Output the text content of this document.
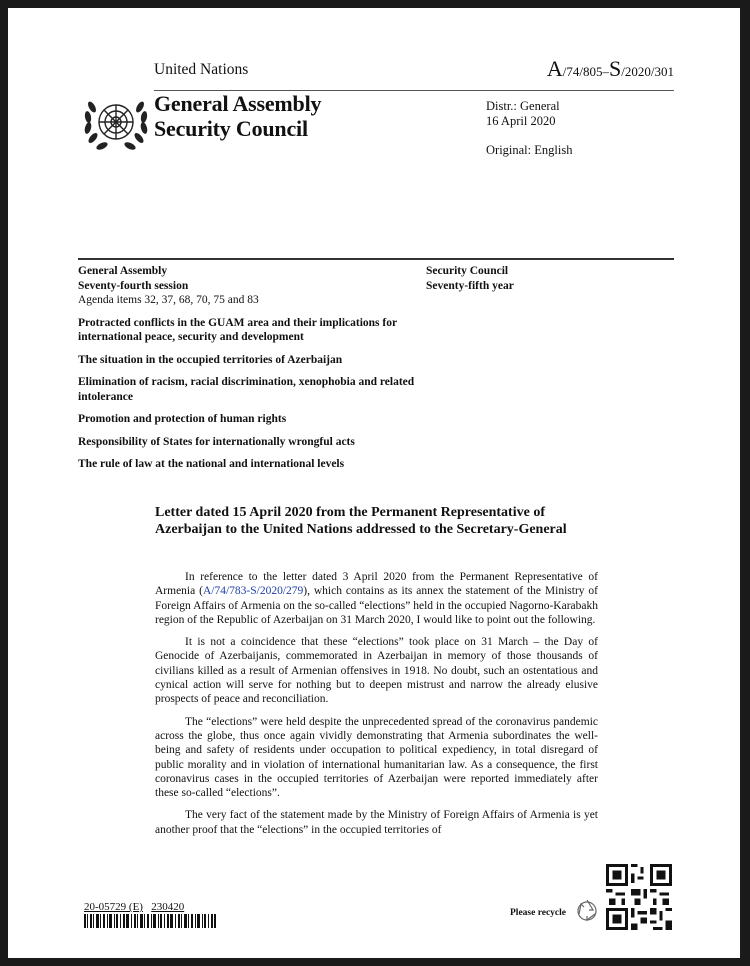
United Nations	A/74/805–S/2020/301
General Assembly
Security Council
Distr.: General
16 April 2020
Original: English
General Assembly
Seventy-fourth session
Agenda items 32, 37, 68, 70, 75 and 83
Protracted conflicts in the GUAM area and their implications for international peace, security and development
The situation in the occupied territories of Azerbaijan
Elimination of racism, racial discrimination, xenophobia and related intolerance
Promotion and protection of human rights
Responsibility of States for internationally wrongful acts
The rule of law at the national and international levels
Security Council
Seventy-fifth year
Letter dated 15 April 2020 from the Permanent Representative of Azerbaijan to the United Nations addressed to the Secretary-General

In reference to the letter dated 3 April 2020 from the Permanent Representative of Armenia (A/74/783-S/2020/279), which contains as its annex the statement of the Ministry of Foreign Affairs of Armenia on the so-called “elections” held in the occupied Nagorno-Karabakh region of the Republic of Azerbaijan on 31 March 2020, I would like to point out the following.

It is not a coincidence that these “elections” took place on 31 March – the Day of Genocide of Azerbaijanis, commemorated in Azerbaijan in memory of those thousands of civilians killed as a result of Armenian offensives in 1918. No doubt, such an ostentatious and cynical action will serve for nothing but to deepen mistrust and narrow the already elusive prospects of peace and reconciliation.

The “elections” were held despite the unprecedented spread of the coronavirus pandemic across the globe, thus once again vividly demonstrating that Armenia subordinates the well-being and safety of residents under occupation to political expediency, in total disregard of public morality and in violation of international humanitarian law. As a consequence, the first coronavirus cases in the occupied territories of Azerbaijan were reported immediately after these so-called “elections”.

The very fact of the statement made by the Ministry of Foreign Affairs of Armenia is yet another proof that the “elections” in the occupied territories of

20-05729 (E) 230420	Please recycle
